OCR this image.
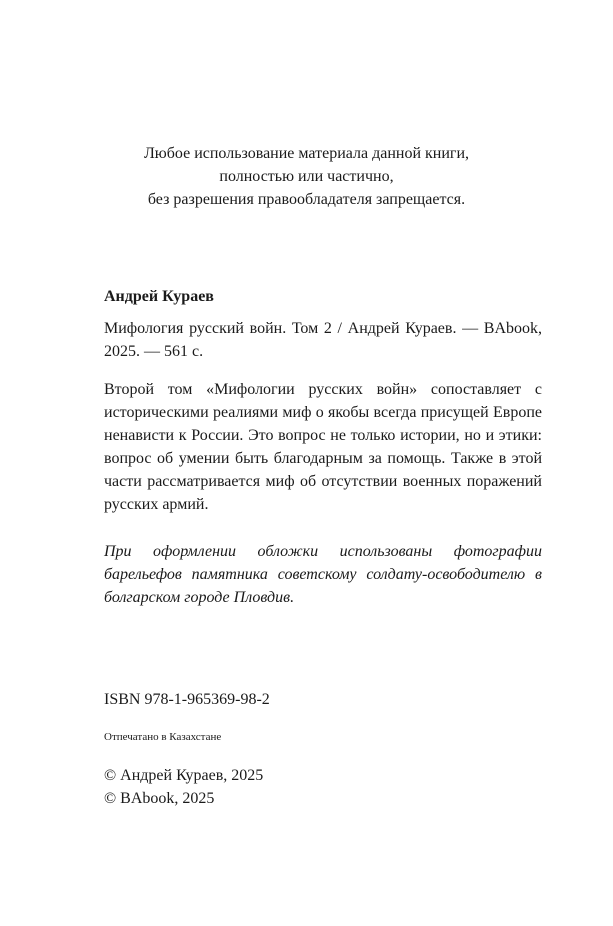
Любое использование материала данной книги,
полностью или частично,
без разрешения правообладателя запрещается.
Андрей Кураев
Мифология русский войн. Том 2 / Андрей Кураев. — BAbook, 2025. — 561 с.
Второй том «Мифологии русских войн» сопоставляет с историческими реалиями миф о якобы всегда присущей Европе ненависти к России. Это вопрос не только истории, но и этики: вопрос об умении быть благодарным за помощь. Также в этой части рассматривается миф об отсутствии военных поражений русских армий.
При оформлении обложки использованы фотографии барельефов памятника советскому солдату-освободителю в болгарском городе Пловдив.
ISBN 978-1-965369-98-2
Отпечатано в Казахстане
© Андрей Кураев, 2025
© BAbook, 2025
